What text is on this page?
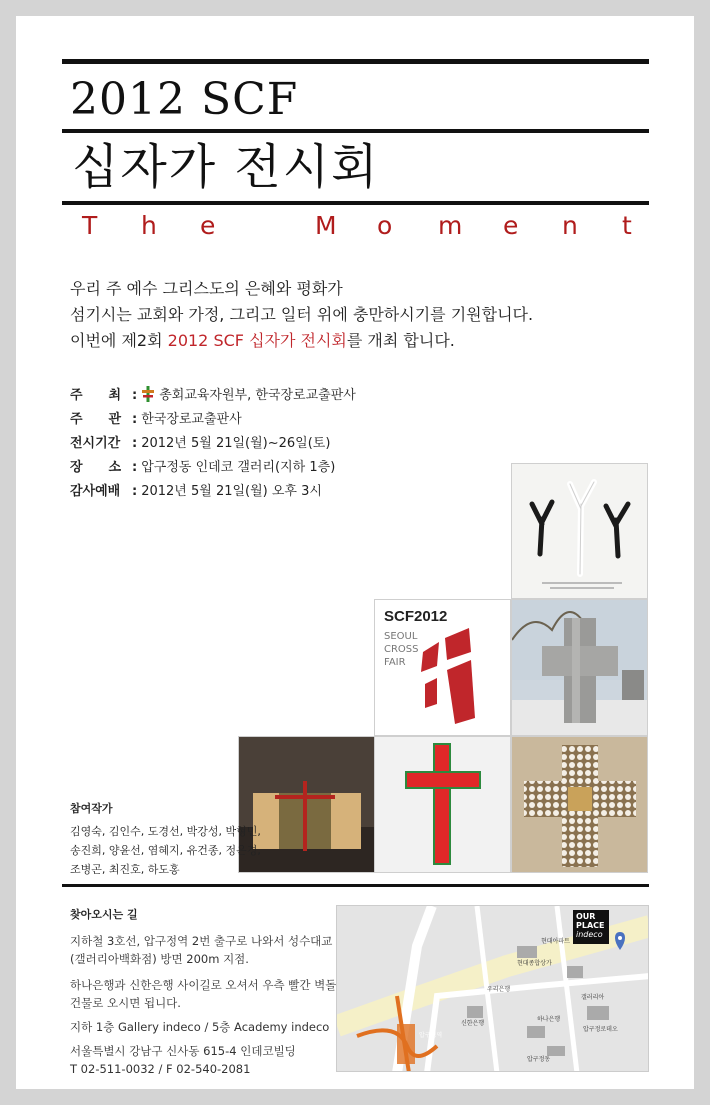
2012 SCF
십자가 전시회
T h e	M o m e n t
우리 주 예수 그리스도의 은혜와 평화가
섬기시는 교회와 가정, 그리고 일터 위에 충만하시기를 기원합니다.
이번에 제2회 2012 SCF 십자가 전시회를 개최 합니다.
주　　최 : 총회교육자원부, 한국장로교출판사
주　　관 : 한국장로교출판사
전시기간 : 2012년 5월 21일(월)~26일(토)
장　　소 : 압구정동 인데코 갤러리(지하 1층)
감사예배 : 2012년 5월 21일(월) 오후 3시
SCF2012
SEOUL
CROSS
FAIR
참여작가
김영숙, 김인수, 도경선, 박강성, 박형민, 송진희, 양윤선, 염혜지, 유건종, 정은경, 조병곤, 최진호, 하도홍
찾아오시는 길
지하철 3호선, 압구정역 2번 출구로 나와서 성수대교
(갤러리아백화점) 방면 200m 지점.
하나은행과 신한은행 사이길로 오셔서 우측 빨간 벽돌
건물로 오시면 됩니다.
지하 1층 Gallery indeco / 5층 Academy indeco
서울특별시 강남구 신사동 615-4 인데코빌딩
T 02-511-0032 / F 02-540-2081
OUR
PLACE
indeco
현대종합상가
현대아파트
우리은행
신한은행
하나은행
갤러리아
압구정로데오
압구정역
압구정동
